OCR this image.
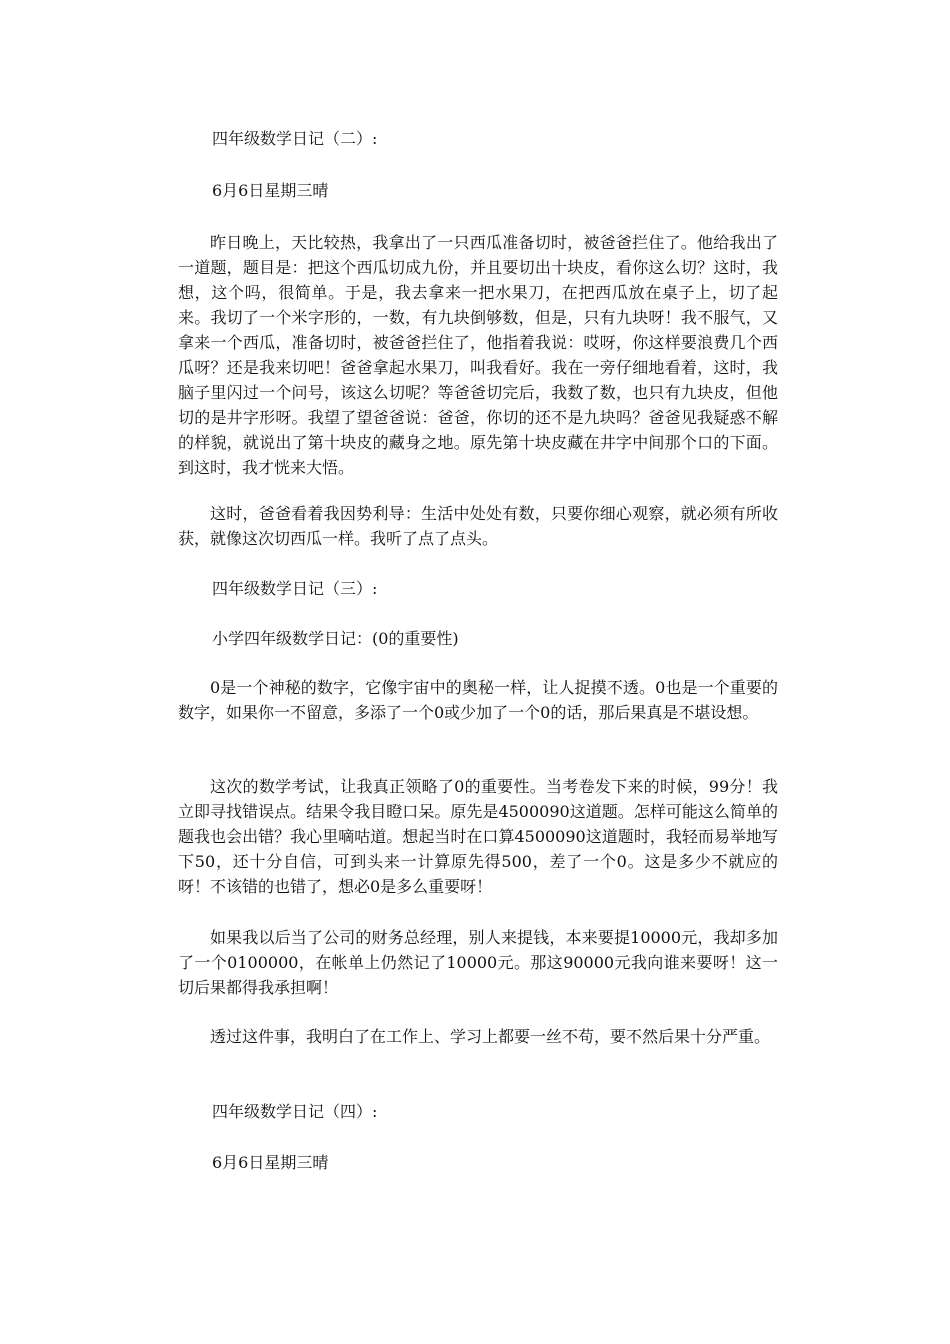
四年级数学日记（二）:

6月6日星期三晴

昨日晚上，天比较热，我拿出了一只西瓜准备切时，被爸爸拦住了。他给我出了一道题，题目是：把这个西瓜切成九份，并且要切出十块皮，看你这么切？这时，我想，这个吗，很简单。于是，我去拿来一把水果刀，在把西瓜放在桌子上，切了起来。我切了一个米字形的，一数，有九块倒够数，但是，只有九块呀！我不服气，又拿来一个西瓜，准备切时，被爸爸拦住了，他指着我说：哎呀，你这样要浪费几个西瓜呀？还是我来切吧！爸爸拿起水果刀，叫我看好。我在一旁仔细地看着，这时，我脑子里闪过一个问号，该这么切呢？等爸爸切完后，我数了数，也只有九块皮，但他切的是井字形呀。我望了望爸爸说：爸爸，你切的还不是九块吗？爸爸见我疑惑不解的样貌，就说出了第十块皮的藏身之地。原先第十块皮藏在井字中间那个口的下面。到这时，我才恍来大悟。

这时，爸爸看着我因势利导：生活中处处有数，只要你细心观察，就必须有所收获，就像这次切西瓜一样。我听了点了点头。

四年级数学日记（三）:

小学四年级数学日记：(0的重要性)

0是一个神秘的数字，它像宇宙中的奥秘一样，让人捉摸不透。0也是一个重要的数字，如果你一不留意，多添了一个0或少加了一个0的话，那后果真是不堪设想。

这次的数学考试，让我真正领略了0的重要性。当考卷发下来的时候，99分！我立即寻找错误点。结果令我目瞪口呆。原先是4500090这道题。怎样可能这么简单的题我也会出错？我心里嘀咕道。想起当时在口算4500090这道题时，我轻而易举地写下50，还十分自信，可到头来一计算原先得500，差了一个0。这是多少不就应的呀！不该错的也错了，想必0是多么重要呀！

如果我以后当了公司的财务总经理，别人来提钱，本来要提10000元，我却多加了一个0100000，在帐单上仍然记了10000元。那这90000元我向谁来要呀！这一切后果都得我承担啊！

透过这件事，我明白了在工作上、学习上都要一丝不苟，要不然后果十分严重。

四年级数学日记（四）:

6月6日星期三晴
